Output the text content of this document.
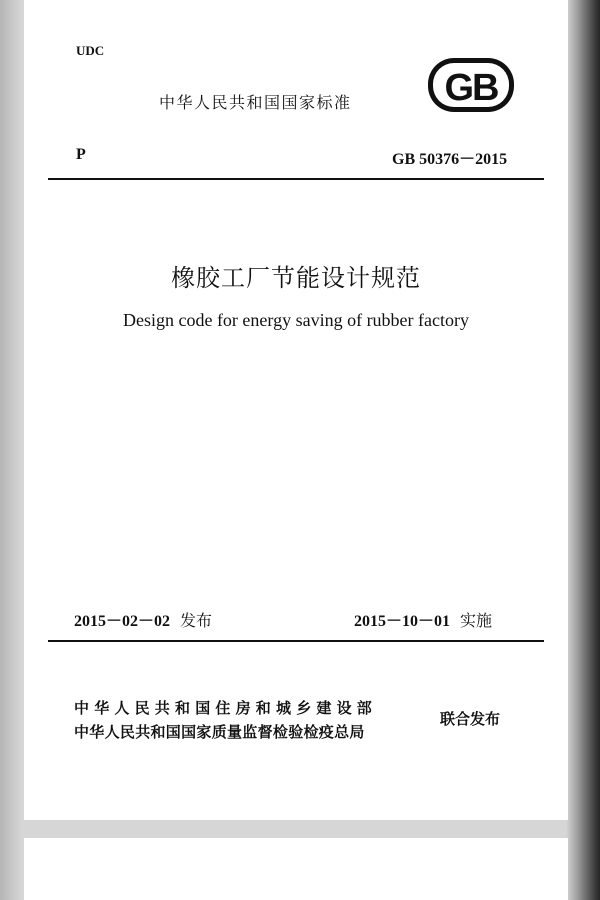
UDC
中华人民共和国国家标准 GB
P	GB 50376－2015
橡胶工厂节能设计规范
Design code for energy saving of rubber factory
2015－02－02 发布	2015－10－01 实施
中华人民共和国住房和城乡建设部
中华人民共和国国家质量监督检验检疫总局
联合发布
